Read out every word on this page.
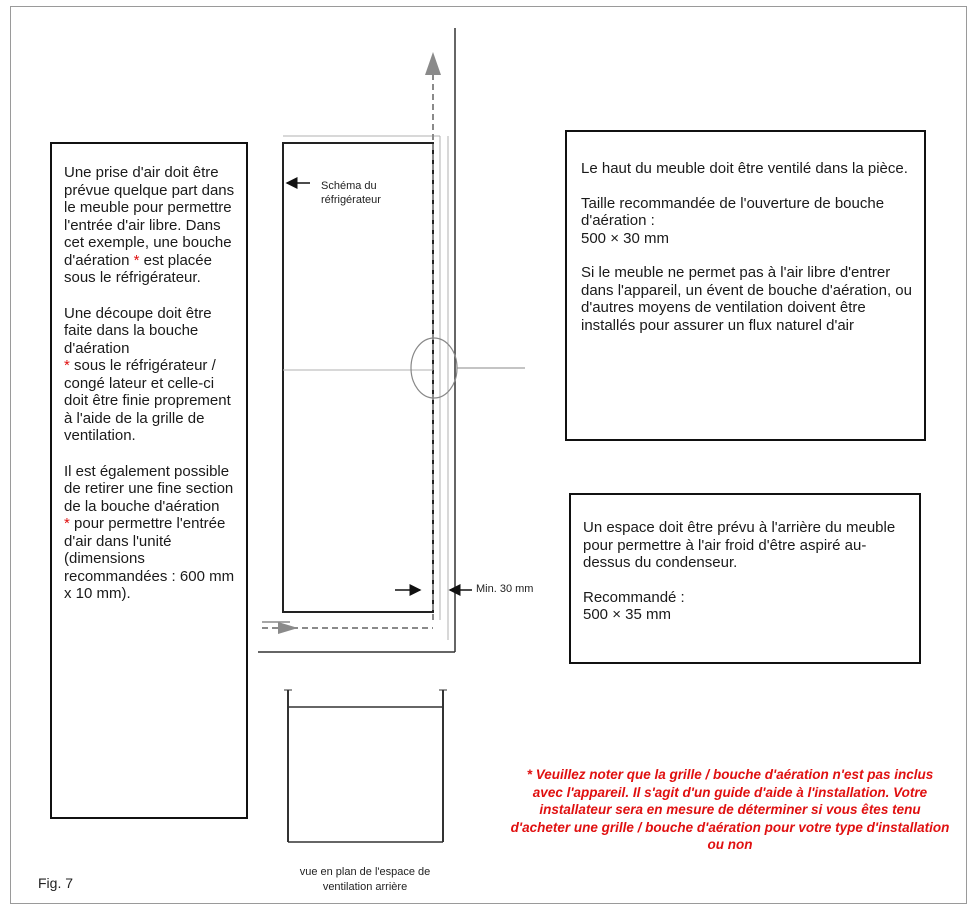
Schéma du
réfrigérateur
Min. 30 mm

Une prise d'air doit être prévue quelque part dans le meuble pour permettre l'entrée d'air libre. Dans cet exemple, une bouche d'aération * est placée sous le réfrigérateur.

Une découpe doit être faite dans la bouche d'aération
* sous le réfrigérateur / congé lateur et celle-ci doit être finie proprement à l'aide de la grille de ventilation.

Il est également possible de retirer une fine section de la bouche d'aération
* pour permettre l'entrée d'air dans l'unité (dimensions recommandées : 600 mm x 10 mm).

Le haut du meuble doit être ventilé dans la pièce.

Taille recommandée de l'ouverture de bouche d'aération :
500 × 30 mm

Si le meuble ne permet pas à l'air libre d'entrer dans l'appareil, un évent de bouche d'aération, ou d'autres moyens de ventilation doivent être installés pour assurer un flux naturel d'air

Un espace doit être prévu à l'arrière du meuble pour permettre à l'air froid d'être aspiré au-dessus du condenseur.

Recommandé :
500 × 35 mm

vue en plan de l'espace de
ventilation arrière
Fig. 7
* Veuillez noter que la grille / bouche d'aération n'est pas inclus avec l'appareil. Il s'agit d'un guide d'aide à l'installation. Votre installateur sera en mesure de déterminer si vous êtes tenu d'acheter une grille / bouche d'aération pour votre type d'installation ou non
